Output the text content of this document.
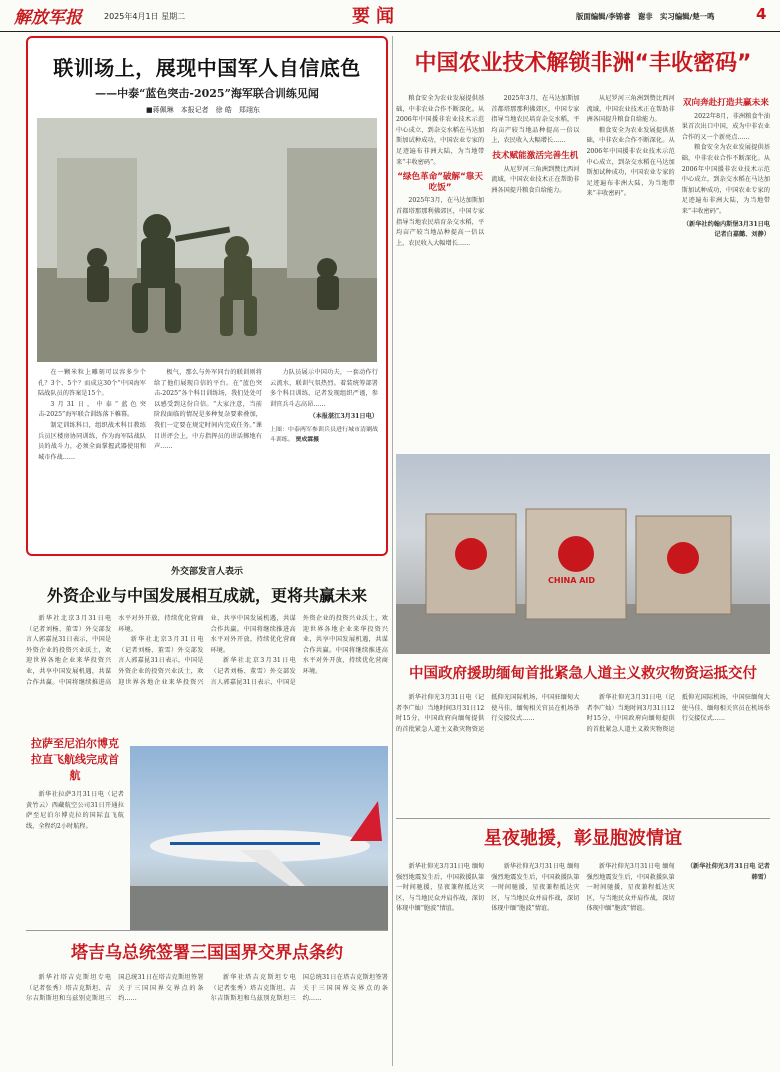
解放军报	2025年4月1日 星期二	要闻	版面编辑/李锦睿　谢非　实习编辑/楚一鸣	4
联训场上，展现中国军人自信底色
——中泰“蓝色突击-2025”海军联合训练见闻
■蒋佩琳　本报记者　徐 皓　郑翊东

在一颗米粒上雕刻可以容多少个孔？3个、5个？而成这30个“中国海军陆战队员的答案是15个。

3月31日，中泰“蓝色突击-2025”海军联合训练落下帷幕。

制定训练科目，组织战术科目教练兵员区楼房协同训练，作为海军陆战队员的战斗力，必须全面掌握武器使用和城市作战……

极气，那么与外军同台的联训则将给了他们展现自信的平台。在“蓝色突击-2025”各个科目训练场，我们处处可以感受到这份自信。“大家注意，当前阶段面临的情况是多种复杂要素叠加，我们一定要在规定时间内完成任务。”课目讲评会上，中方指挥员的讲话掷地有声……

力队员展示中国功夫，一套动作行云流水，联训气氛热烈。着装统筹部署多个科目训练，记者发现组织严谨，参训官兵斗志高昂……

（本报湛江3月31日电）
上图：中泰两军参训兵员进行城市清剿战斗训练。 贾成霖摄
中国农业技术解锁非洲“丰收密码”

粮食安全为农业发展提供基础，中非农业合作不断深化。从2006年中国援非农业技术示范中心成立，到杂交水稻在马达加斯加试种成功，中国农业专家的足迹遍布非洲大陆，为当地带来“丰收密码”。

“绿色革命”破解“靠天吃饭”

2025年3月，在马达加斯加首都塔那那利佛郊区，中国专家指导当地农民培育杂交水稻，平均亩产较当地品种提高一倍以上，农民收入大幅增长……

2025年3月，在马达加斯加首都塔那那利佛郊区，中国专家指导当地农民培育杂交水稻，平均亩产较当地品种提高一倍以上，农民收入大幅增长……

技术赋能激活完善生机

从尼罗河三角洲到赞比西河流域，中国农业技术正在帮助非洲各国提升粮食自给能力。

从尼罗河三角洲到赞比西河流域，中国农业技术正在帮助非洲各国提升粮食自给能力。

粮食安全为农业发展提供基础，中非农业合作不断深化。从2006年中国援非农业技术示范中心成立，到杂交水稻在马达加斯加试种成功，中国农业专家的足迹遍布非洲大陆，为当地带来“丰收密码”。

双向奔赴打造共赢未来

2022年8月，非洲粮食牛油果首次出口中国，成为中非农业合作的又一个新亮点……

粮食安全为农业发展提供基础，中非农业合作不断深化。从2006年中国援非农业技术示范中心成立，到杂交水稻在马达加斯加试种成功，中国农业专家的足迹遍布非洲大陆，为当地带来“丰收密码”。

（新华社约翰内斯堡3月31日电 记者白嘉懿、刘静）
CHINA AID
外交部发言人表示
外资企业与中国发展相互成就，更将共赢未来

新华社北京3月31日电（记者刘杨、董雪）外交部发言人郭嘉昆31日表示，中国是外资企业的投资兴业沃土，欢迎世界各地企业来华投资兴业，共享中国发展机遇，共谋合作共赢。中国将继续推进高水平对外开放，持续优化营商环境。

新华社北京3月31日电（记者刘杨、董雪）外交部发言人郭嘉昆31日表示，中国是外资企业的投资兴业沃土，欢迎世界各地企业来华投资兴业，共享中国发展机遇，共谋合作共赢。中国将继续推进高水平对外开放，持续优化营商环境。

新华社北京3月31日电（记者刘杨、董雪）外交部发言人郭嘉昆31日表示，中国是外资企业的投资兴业沃土，欢迎世界各地企业来华投资兴业，共享中国发展机遇，共谋合作共赢。中国将继续推进高水平对外开放，持续优化营商环境。	中国政府援助缅甸首批紧急人道主义救灾物资运抵交付

新华社仰光3月31日电（记者李广灿）当地时间3月31日12时15分，中国政府向缅甸提供的首批紧急人道主义救灾物资运抵仰光国际机场，中国驻缅甸大使马佳、缅甸相关官员在机场举行交接仪式……

新华社仰光3月31日电（记者李广灿）当地时间3月31日12时15分，中国政府向缅甸提供的首批紧急人道主义救灾物资运抵仰光国际机场，中国驻缅甸大使马佳、缅甸相关官员在机场举行交接仪式……

拉萨至尼泊尔博克拉直飞航线完成首航

新华社拉萨3月31日电（记者黄竹云）西藏航空公司31日开通拉萨至尼泊尔博克拉的国际直飞航线，全程约2小时航程。

星夜驰援，彰显胞波情谊

新华社仰光3月31日电 缅甸强烈地震发生后，中国救援队第一时间驰援，星夜兼程抵达灾区，与当地民众并肩作战，深切体现中缅“胞波”情谊。

新华社仰光3月31日电 缅甸强烈地震发生后，中国救援队第一时间驰援，星夜兼程抵达灾区，与当地民众并肩作战，深切体现中缅“胞波”情谊。

新华社仰光3月31日电 缅甸强烈地震发生后，中国救援队第一时间驰援，星夜兼程抵达灾区，与当地民众并肩作战，深切体现中缅“胞波”情谊。

（新华社仰光3月31日电 记者韩雪）
塔吉乌总统签署三国国界交界点条约

新华社塔吉克斯坦专电（记者张秀）塔吉克斯坦、吉尔吉斯斯坦和乌兹别克斯坦三国总统31日在塔吉克斯坦签署关于三国国界交界点的条约……

新华社塔吉克斯坦专电（记者张秀）塔吉克斯坦、吉尔吉斯斯坦和乌兹别克斯坦三国总统31日在塔吉克斯坦签署关于三国国界交界点的条约……
